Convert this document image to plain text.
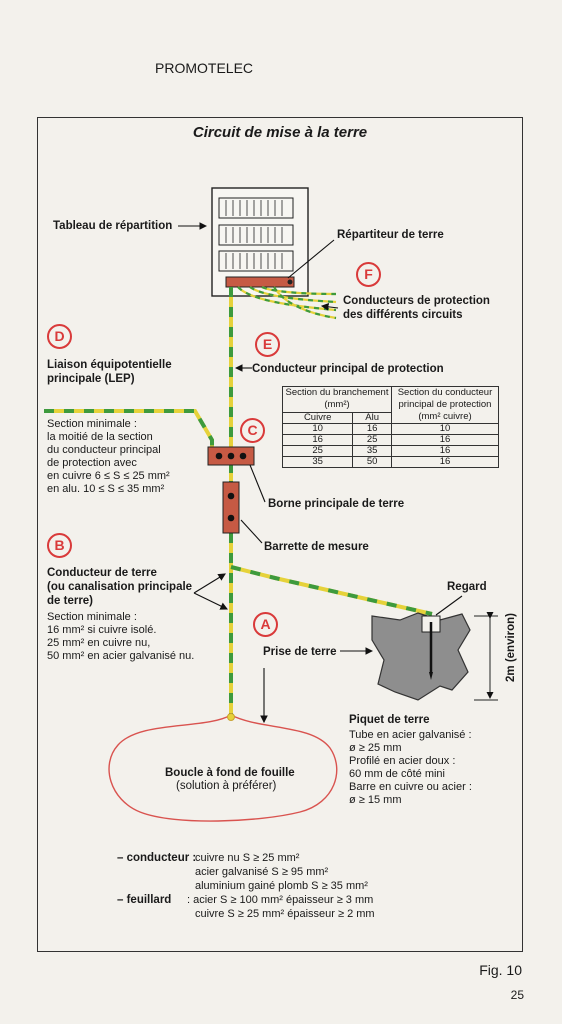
PROMOTELEC
Circuit de mise à la terre
Tableau de répartition
Répartiteur de terre
F
Conducteurs de protection
des différents circuits
D
Liaison équipotentielle
principale (LEP)
E
Conducteur principal de protection
Section minimale :
la moitié de la section
du conducteur principal
de protection avec
en cuivre 6 ≤ S ≤ 25 mm²
en alu. 10 ≤ S ≤ 35 mm²
C
Section du branchement (mm²)		Section du conducteur principal de protection (mm² cuivre)
Cuivre	Alu	
10	16	10
16	25	16
25	35	16
35	50	16
Borne principale de terre
Barrette de mesure
B
Conducteur de terre
(ou canalisation principale
de terre)
Section minimale :
16 mm² si cuivre isolé.
25 mm² en cuivre nu,
50 mm² en acier galvanisé nu.
Regard
A
Prise de terre	2m (environ)
Piquet de terre
Tube en acier galvanisé :
ø ≥ 25 mm
Profilé en acier doux :
60 mm de côté mini
Barre en cuivre ou acier :
ø ≥ 15 mm
Boucle à fond de fouille
(solution à préférer)
– conducteur :
cuivre nu S ≥ 25 mm²
acier galvanisé S ≥ 95 mm²
aluminium gainé plomb S ≥ 35 mm²
– feuillard : acier S ≥ 100 mm² épaisseur ≥ 3 mm
cuivre S ≥ 25 mm² épaisseur ≥ 2 mm
Fig. 10
25
